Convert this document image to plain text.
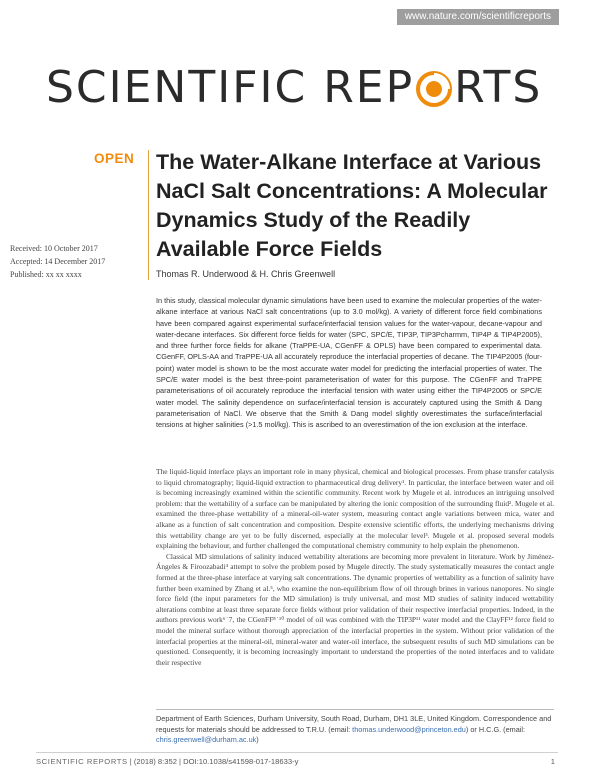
www.nature.com/scientificreports
SCIENTIFIC REP RTS
OPEN The Water-Alkane Interface at Various NaCl Salt Concentrations: A Molecular Dynamics Study of the Readily Available Force Fields
Received: 10 October 2017
Accepted: 14 December 2017
Published: xx xx xxxx	Thomas R. Underwood & H. Chris Greenwell
In this study, classical molecular dynamic simulations have been used to examine the molecular properties of the water-alkane interface at various NaCl salt concentrations (up to 3.0 mol/kg). A variety of different force field combinations have been compared against experimental surface/interfacial tension values for the water-vapour, decane-vapour and water-decane interfaces. Six different force fields for water (SPC, SPC/E, TIP3P, TIP3Pcharmm, TIP4P & TIP4P2005), and three further force fields for alkane (TraPPE-UA, CGenFF & OPLS) have been compared to experimental data. CGenFF, OPLS-AA and TraPPE-UA all accurately reproduce the interfacial properties of decane. The TIP4P2005 (four-point) water model is shown to be the most accurate water model for predicting the interfacial properties of water. The SPC/E water model is the best three-point parameterisation of water for this purpose. The CGenFF and TraPPE parameterisations of oil accurately reproduce the interfacial tension with water using either the TIP4P2005 or SPC/E water model. The salinity dependence on surface/interfacial tension is accurately captured using the Smith & Dang parameterisation of NaCl. We observe that the Smith & Dang model slightly overestimates the surface/interfacial tensions at higher salinities (>1.5 mol/kg). This is ascribed to an overestimation of the ion exclusion at the interface.

The liquid-liquid interface plays an important role in many physical, chemical and biological processes. From phase transfer catalysis to liquid chromatography; liquid-liquid extraction to pharmaceutical drug delivery¹. In particular, the interface between water and oil is becoming increasingly examined within the scientific community. Recent work by Mugele et al. introduces an intriguing unsolved problem: that the wettability of a surface can be manipulated by altering the ionic composition of the surrounding fluid². Mugele et al. examined the three-phase wettability of a mineral-oil-water system, measuring contact angle variations between mica, water and alkane as a function of salt concentration and composition. Despite extensive scientific efforts, the underlying mechanisms driving this wettability change are yet to be fully discerned, especially at the molecular level³. Mugele et al. proposed several models explaining the behaviour, and further challenged the computational chemistry community to help explain the phenomenon.

Classical MD simulations of salinity induced wettability alterations are becoming more prevalent in literature. Work by Jiménez-Ángeles & Firoozabadi⁴ attempt to solve the problem posed by Mugele directly. The study systematically measures the contact angle formed at the three-phase interface at varying salt concentrations. The dynamic properties of wettability as a function of salinity have further been examined by Zhang et al.⁵, who examine the non-equilibrium flow of oil through brines in various nanopores. No single force field (the input parameters for the MD simulation) is truly universal, and most MD studies of salinity induced wettability alterations combine at least three separate force fields without prior validation of their respective interfacial properties. Indeed, in the authors previous work⁶˙7, the CGenFF⁸˙¹⁰ model of oil was combined with the TIP3P¹¹ water model and the ClayFF¹² force field to model the mineral surface without thorough appreciation of the interfacial properties in the system. Without prior validation of the interfacial properties at the mineral-oil, mineral-water and water-oil interface, the subsequent results of such MD simulations can be questioned. Consequently, it is becoming increasingly important to understand the properties of the noted interfaces and to validate their respective

Department of Earth Sciences, Durham University, South Road, Durham, DH1 3LE, United Kingdom. Correspondence and requests for materials should be addressed to T.R.U. (email: thomas.underwood@princeton.edu) or H.C.G. (email: chris.greenwell@durham.ac.uk)
SCIENTIFIC REPORTS | (2018) 8:352 | DOI:10.1038/s41598-017-18633-y	1
